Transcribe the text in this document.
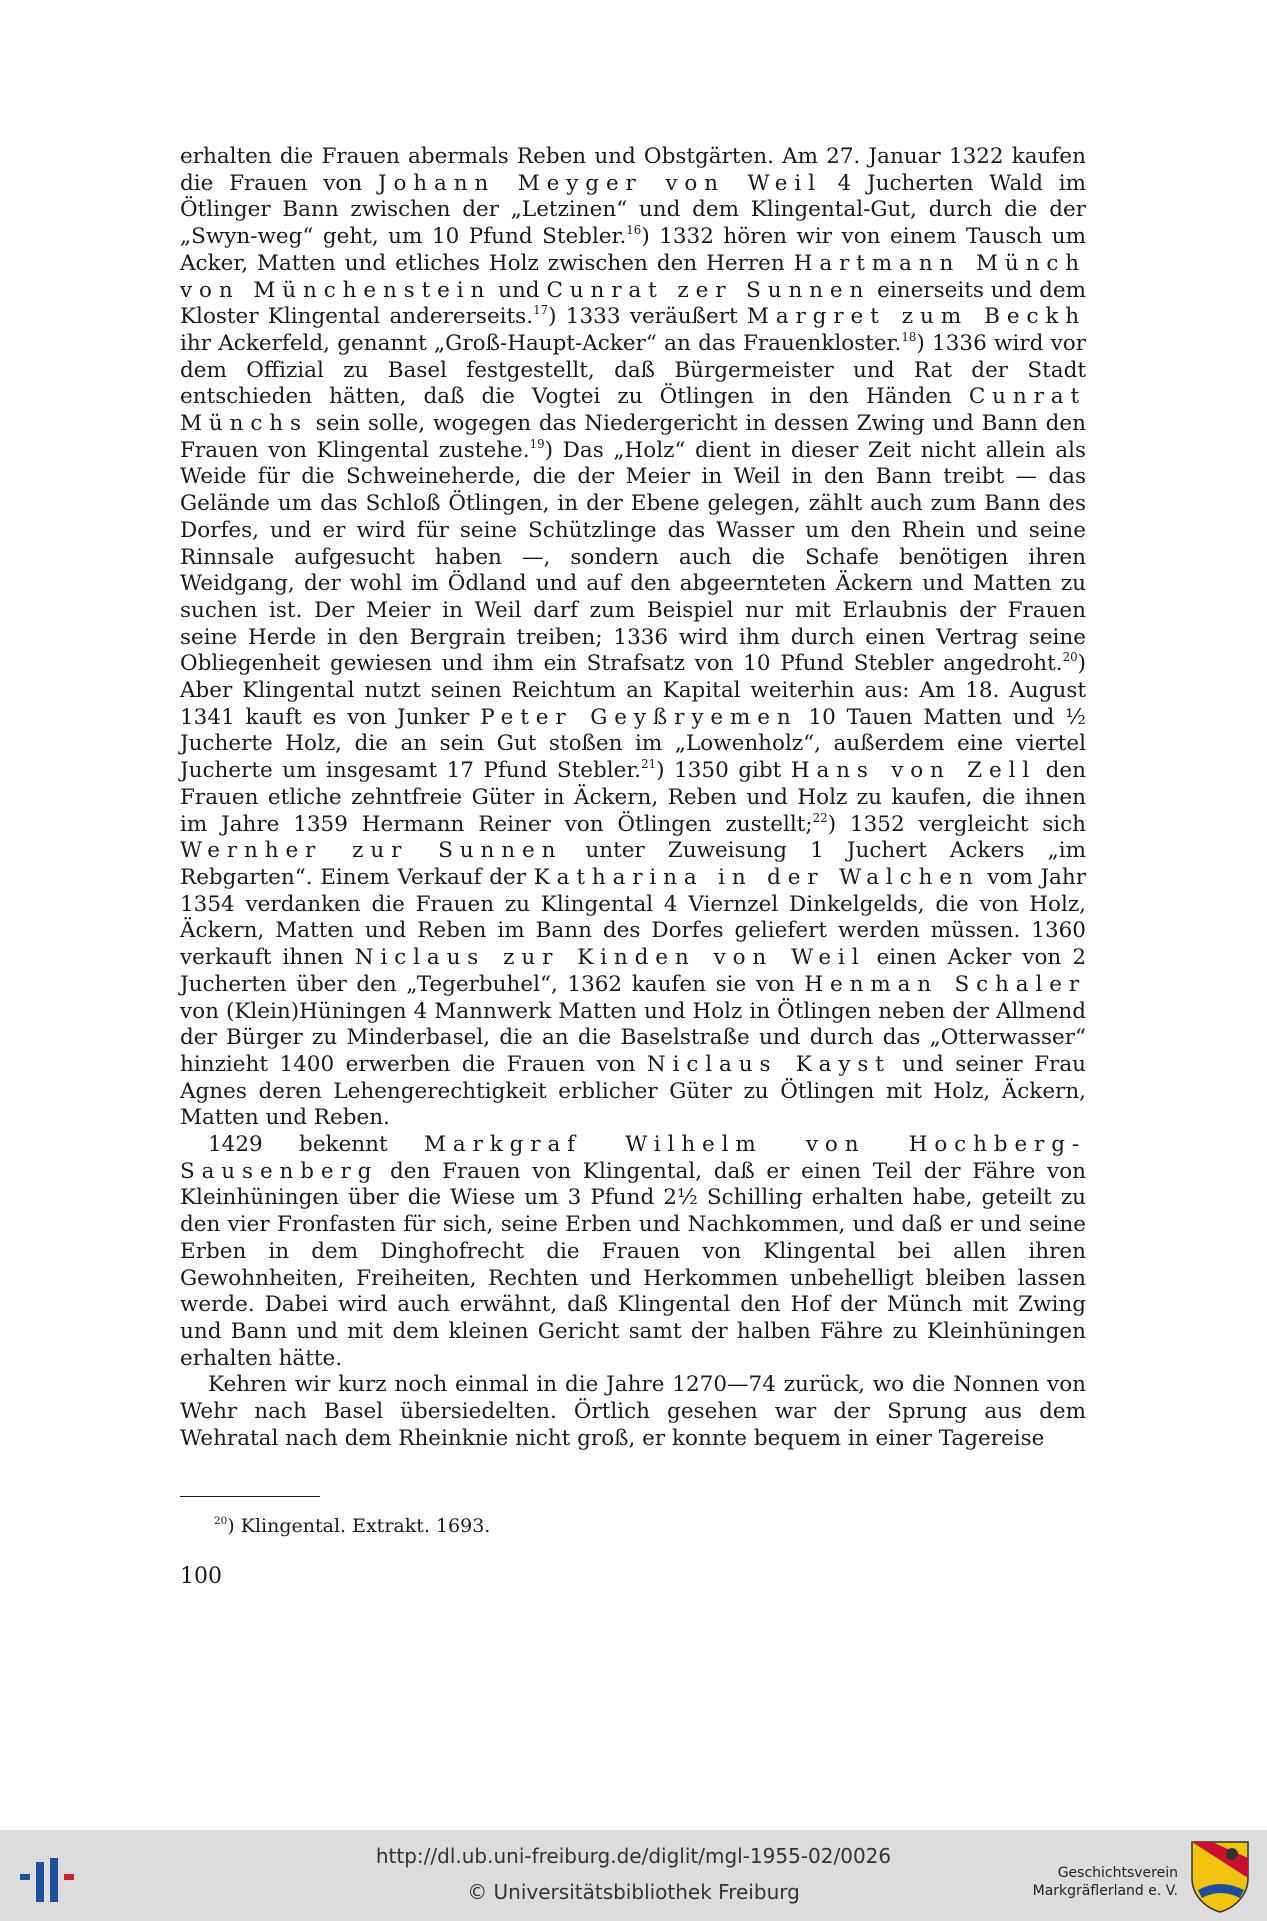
erhalten die Frauen abermals Reben und Obstgärten. Am 27. Januar 1322 kaufen die Frauen von Johann Meyger von Weil 4 Jucherten Wald im Ötlinger Bann zwischen der „Letzinen“ und dem Klingental-Gut, durch die der „Swyn-weg“ geht, um 10 Pfund Stebler.$^{16}$) 1332 hören wir von einem Tausch um Acker, Matten und etliches Holz zwischen den Herren Hartmann Münch von Münchenstein und Cunrat zer Sunnen einerseits und dem Kloster Klingental andererseits.$^{17}$) 1333 veräußert Margret zum Beckh ihr Ackerfeld, genannt „Groß-Haupt-Acker“ an das Frauenkloster.$^{18}$) 1336 wird vor dem Offizial zu Basel festgestellt, daß Bürgermeister und Rat der Stadt entschieden hätten, daß die Vogtei zu Ötlingen in den Händen Cunrat Münchs sein solle, wogegen das Niedergericht in dessen Zwing und Bann den Frauen von Klingental zustehe.$^{19}$) Das „Holz“ dient in dieser Zeit nicht allein als Weide für die Schweineherde, die der Meier in Weil in den Bann treibt — das Gelände um das Schloß Ötlingen, in der Ebene gelegen, zählt auch zum Bann des Dorfes, und er wird für seine Schützlinge das Wasser um den Rhein und seine Rinnsale aufgesucht haben —, sondern auch die Schafe benötigen ihren Weidgang, der wohl im Ödland und auf den abgeernteten Äckern und Matten zu suchen ist. Der Meier in Weil darf zum Beispiel nur mit Erlaubnis der Frauen seine Herde in den Bergrain treiben; 1336 wird ihm durch einen Vertrag seine Obliegenheit gewiesen und ihm ein Strafsatz von 10 Pfund Stebler angedroht.$^{20}$) Aber Klingental nutzt seinen Reichtum an Kapital weiterhin aus: Am 18. August 1341 kauft es von Junker Peter Geyßryemen 10 Tauen Matten und ½ Jucherte Holz, die an sein Gut stoßen im „Lowenholz“, außerdem eine viertel Jucherte um insgesamt 17 Pfund Stebler.$^{21}$) 1350 gibt Hans von Zell den Frauen etliche zehntfreie Güter in Äckern, Reben und Holz zu kaufen, die ihnen im Jahre 1359 Hermann Reiner von Ötlingen zustellt;$^{22}$) 1352 vergleicht sich Wernher zur Sunnen unter Zuweisung 1 Juchert Ackers „im Rebgarten“. Einem Verkauf der Katharina in der Walchen vom Jahr 1354 verdanken die Frauen zu Klingental 4 Viernzel Dinkelgelds, die von Holz, Äckern, Matten und Reben im Bann des Dorfes geliefert werden müssen. 1360 verkauft ihnen Niclaus zur Kinden von Weil einen Acker von 2 Jucherten über den „Tegerbuhel“, 1362 kaufen sie von Henman Schaler von (Klein)Hüningen 4 Mannwerk Matten und Holz in Ötlingen neben der Allmend der Bürger zu Minderbasel, die an die Baselstraße und durch das „Otterwasser“ hinzieht 1400 erwerben die Frauen von Niclaus Kayst und seiner Frau Agnes deren Lehengerechtigkeit erblicher Güter zu Ötlingen mit Holz, Äckern, Matten und Reben.

1429 bekennt Markgraf Wilhelm von Hochberg-Sausenberg den Frauen von Klingental, daß er einen Teil der Fähre von Kleinhüningen über die Wiese um 3 Pfund 2½ Schilling erhalten habe, geteilt zu den vier Fronfasten für sich, seine Erben und Nachkommen, und daß er und seine Erben in dem Dinghofrecht die Frauen von Klingental bei allen ihren Gewohnheiten, Freiheiten, Rechten und Herkommen unbehelligt bleiben lassen werde. Dabei wird auch erwähnt, daß Klingental den Hof der Münch mit Zwing und Bann und mit dem kleinen Gericht samt der halben Fähre zu Kleinhüningen erhalten hätte.

Kehren wir kurz noch einmal in die Jahre 1270—74 zurück, wo die Nonnen von Wehr nach Basel übersiedelten. Örtlich gesehen war der Sprung aus dem Wehratal nach dem Rheinknie nicht groß, er konnte bequem in einer Tagereise

$^{20}$) Klingental. Extrakt. 1693.
100
http://dl.ub.uni-freiburg.de/diglit/mgl-1955-02/0026
© Universitätsbibliothek Freiburg
Geschichtsverein
Markgräflerland e. V.
